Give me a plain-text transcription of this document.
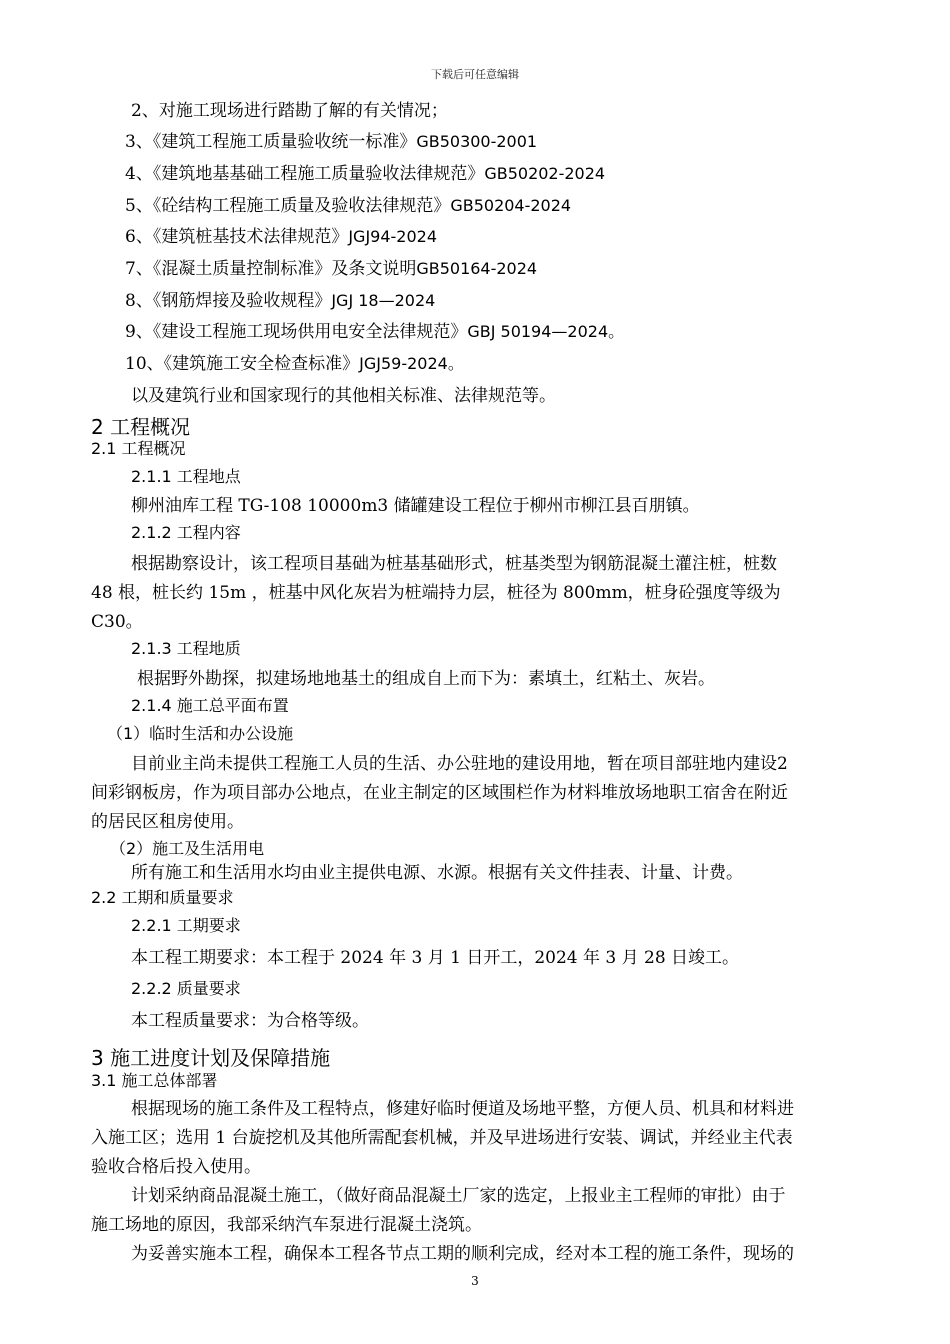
下载后可任意编辑
2、对施工现场进行踏勘了解的有关情况；
3、《建筑工程施工质量验收统一标准》GB50300-2001
4、《建筑地基基础工程施工质量验收法律规范》GB50202-2024
5、《砼结构工程施工质量及验收法律规范》GB50204-2024
6、《建筑桩基技术法律规范》JGJ94-2024
7、《混凝土质量控制标准》及条文说明GB50164-2024
8、《钢筋焊接及验收规程》JGJ 18—2024
9、《建设工程施工现场供用电安全法律规范》GBJ 50194—2024。
10、《建筑施工安全检查标准》JGJ59-2024。
以及建筑行业和国家现行的其他相关标准、法律规范等。
2 工程概况
2.1 工程概况
2.1.1 工程地点
柳州油库工程 TG-108 10000m3 储罐建设工程位于柳州市柳江县百朋镇。
2.1.2 工程内容
根据勘察设计，该工程项目基础为桩基基础形式，桩基类型为钢筋混凝土灌注桩，桩数
48 根，桩长约 15m ，桩基中风化灰岩为桩端持力层，桩径为 800mm，桩身砼强度等级为
C30。
2.1.3 工程地质
根据野外勘探，拟建场地地基土的组成自上而下为：素填土，红粘土、灰岩。
2.1.4 施工总平面布置
（1）临时生活和办公设施
目前业主尚未提供工程施工人员的生活、办公驻地的建设用地，暂在项目部驻地内建设2
间彩钢板房，作为项目部办公地点，在业主制定的区域围栏作为材料堆放场地职工宿舍在附近
的居民区租房使用。
（2）施工及生活用电
所有施工和生活用水均由业主提供电源、水源。根据有关文件挂表、计量、计费。
2.2 工期和质量要求
2.2.1 工期要求
本工程工期要求：本工程于 2024 年 3 月 1 日开工，2024 年 3 月 28 日竣工。
2.2.2 质量要求
本工程质量要求：为合格等级。
3 施工进度计划及保障措施
3.1 施工总体部署
根据现场的施工条件及工程特点，修建好临时便道及场地平整，方便人员、机具和材料进
入施工区；选用 1 台旋挖机及其他所需配套机械，并及早进场进行安装、调试，并经业主代表
验收合格后投入使用。
计划采纳商品混凝土施工，（做好商品混凝土厂家的选定，上报业主工程师的审批）由于
施工场地的原因，我部采纳汽车泵进行混凝土浇筑。
为妥善实施本工程，确保本工程各节点工期的顺利完成，经对本工程的施工条件，现场的
3
